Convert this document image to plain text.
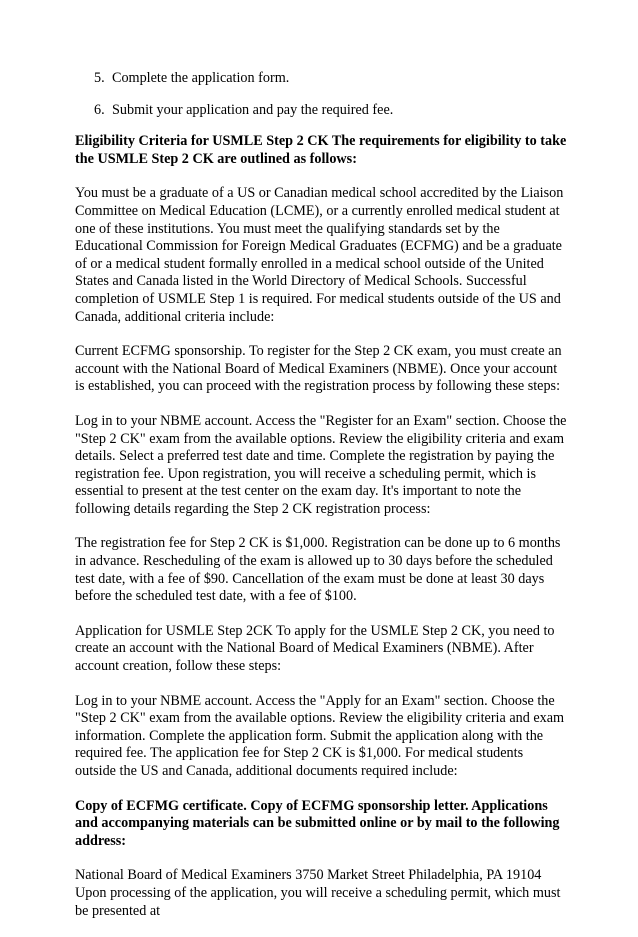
5. Complete the application form.
6. Submit your application and pay the required fee.

Eligibility Criteria for USMLE Step 2 CK The requirements for eligibility to take the USMLE Step 2 CK are outlined as follows:

You must be a graduate of a US or Canadian medical school accredited by the Liaison Committee on Medical Education (LCME), or a currently enrolled medical student at one of these institutions. You must meet the qualifying standards set by the Educational Commission for Foreign Medical Graduates (ECFMG) and be a graduate of or a medical student formally enrolled in a medical school outside of the United States and Canada listed in the World Directory of Medical Schools. Successful completion of USMLE Step 1 is required. For medical students outside of the US and Canada, additional criteria include:

Current ECFMG sponsorship. To register for the Step 2 CK exam, you must create an account with the National Board of Medical Examiners (NBME). Once your account is established, you can proceed with the registration process by following these steps:

Log in to your NBME account. Access the "Register for an Exam" section. Choose the "Step 2 CK" exam from the available options. Review the eligibility criteria and exam details. Select a preferred test date and time. Complete the registration by paying the registration fee. Upon registration, you will receive a scheduling permit, which is essential to present at the test center on the exam day. It's important to note the following details regarding the Step 2 CK registration process:

The registration fee for Step 2 CK is $1,000. Registration can be done up to 6 months in advance. Rescheduling of the exam is allowed up to 30 days before the scheduled test date, with a fee of $90. Cancellation of the exam must be done at least 30 days before the scheduled test date, with a fee of $100.

Application for USMLE Step 2CK To apply for the USMLE Step 2 CK, you need to create an account with the National Board of Medical Examiners (NBME). After account creation, follow these steps:

Log in to your NBME account. Access the "Apply for an Exam" section. Choose the "Step 2 CK" exam from the available options. Review the eligibility criteria and exam information. Complete the application form. Submit the application along with the required fee. The application fee for Step 2 CK is $1,000. For medical students outside the US and Canada, additional documents required include:

Copy of ECFMG certificate. Copy of ECFMG sponsorship letter. Applications and accompanying materials can be submitted online or by mail to the following address:

National Board of Medical Examiners 3750 Market Street Philadelphia, PA 19104 Upon processing of the application, you will receive a scheduling permit, which must be presented at
